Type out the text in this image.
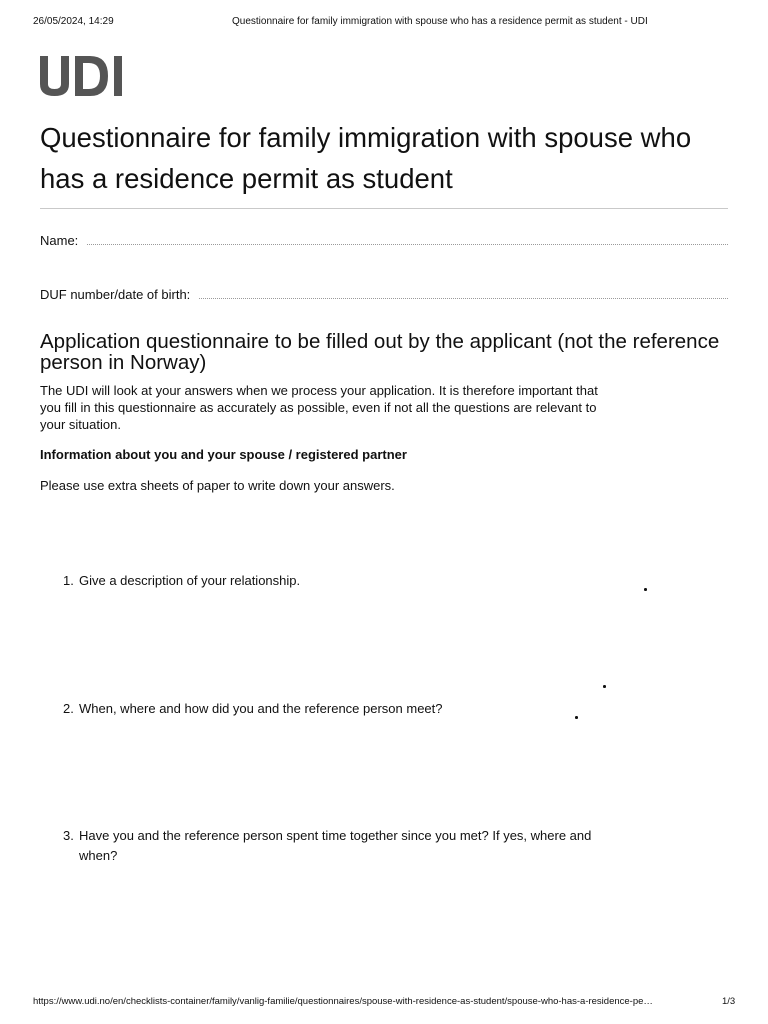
26/05/2024, 14:29	Questionnaire for family immigration with spouse who has a residence permit as student - UDI
Questionnaire for family immigration with spouse who has a residence permit as student
Name:
DUF number/date of birth:
Application questionnaire to be filled out by the applicant (not the reference person in Norway)

The UDI will look at your answers when we process your application. It is therefore important that you fill in this questionnaire as accurately as possible, even if not all the questions are relevant to your situation.

Information about you and your spouse / registered partner

Please use extra sheets of paper to write down your answers.

1. Give a description of your relationship.
2. When, where and how did you and the reference person meet?
3. Have you and the reference person spent time together since you met? If yes, where and when?
https://www.udi.no/en/checklists-container/family/vanlig-familie/questionnaires/spouse-with-residence-as-student/spouse-who-has-a-residence-pe…	1/3
